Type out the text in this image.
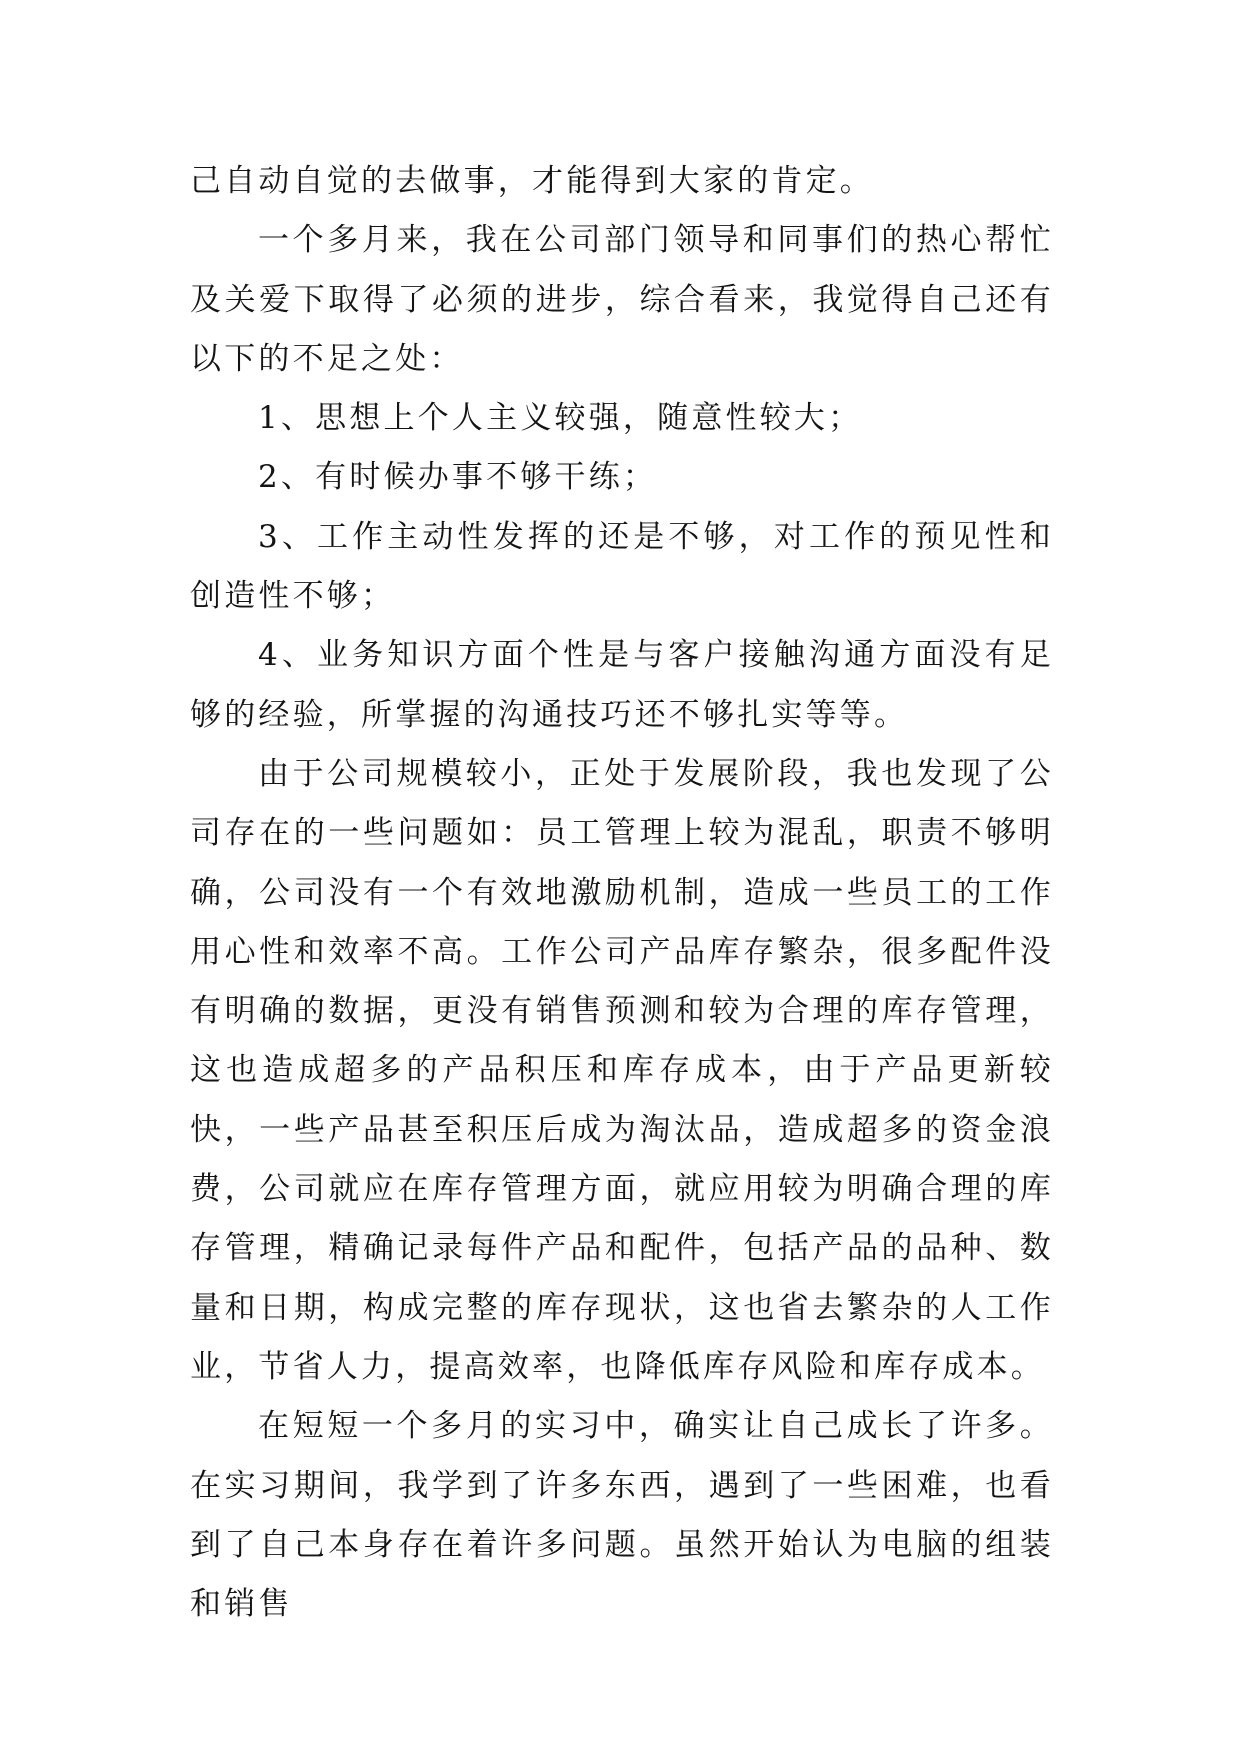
己自动自觉的去做事，才能得到大家的肯定。

一个多月来，我在公司部门领导和同事们的热心帮忙及关爱下取得了必须的进步，综合看来，我觉得自己还有以下的不足之处：

1、思想上个人主义较强，随意性较大；

2、有时候办事不够干练；

3、工作主动性发挥的还是不够，对工作的预见性和创造性不够；

4、业务知识方面个性是与客户接触沟通方面没有足够的经验，所掌握的沟通技巧还不够扎实等等。

由于公司规模较小，正处于发展阶段，我也发现了公司存在的一些问题如：员工管理上较为混乱，职责不够明确，公司没有一个有效地激励机制，造成一些员工的工作用心性和效率不高。工作公司产品库存繁杂，很多配件没有明确的数据，更没有销售预测和较为合理的库存管理，这也造成超多的产品积压和库存成本，由于产品更新较快，一些产品甚至积压后成为淘汰品，造成超多的资金浪费，公司就应在库存管理方面，就应用较为明确合理的库存管理，精确记录每件产品和配件，包括产品的品种、数量和日期，构成完整的库存现状，这也省去繁杂的人工作业，节省人力，提高效率，也降低库存风险和库存成本。

在短短一个多月的实习中，确实让自己成长了许多。在实习期间，我学到了许多东西，遇到了一些困难，也看到了自己本身存在着许多问题。虽然开始认为电脑的组装和销售
